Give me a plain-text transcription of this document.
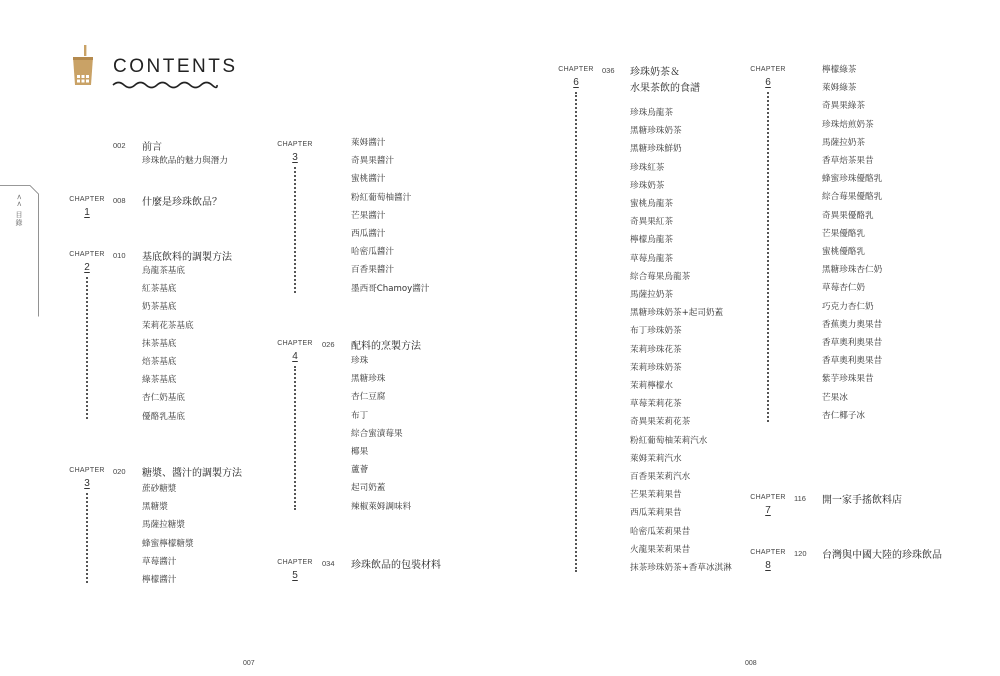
CONTENTS
<< 目錄
002	前言
珍珠飲品的魅力與潛力
CHAPTER
1
008	什麼是珍珠飲品？
CHAPTER
2
010	基底飲料的調製方法
烏龍茶基底
紅茶基底
奶茶基底
茉莉花茶基底
抹茶基底
焙茶基底
綠茶基底
杏仁奶基底
優酪乳基底
CHAPTER
3
020	糖漿、醬汁的調製方法
蔗砂糖漿
黑糖漿
馬薩拉糖漿
蜂蜜檸檬糖漿
草莓醬汁
檸檬醬汁
CHAPTER
3
萊姆醬汁
奇異果醬汁
蜜桃醬汁
粉紅葡萄柚醬汁
芒果醬汁
西瓜醬汁
哈密瓜醬汁
百香果醬汁
墨西哥Chamoy醬汁
CHAPTER
4
026	配料的烹製方法
珍珠
黑糖珍珠
杏仁豆腐
布丁
綜合蜜漬莓果
椰果
蘆薈
起司奶蓋
辣椒萊姆調味料
CHAPTER
5
034	珍珠飲品的包裝材料
007
CHAPTER
6
036	珍珠奶茶＆
水果茶飲的食譜
珍珠烏龍茶
黑糖珍珠奶茶
黑糖珍珠鮮奶
珍珠紅茶
珍珠奶茶
蜜桃烏龍茶
奇異果紅茶
檸檬烏龍茶
草莓烏龍茶
綜合莓果烏龍茶
馬薩拉奶茶
黑糖珍珠奶茶+起司奶蓋
布丁珍珠奶茶
茉莉珍珠花茶
茉莉珍珠奶茶
茉莉檸檬水
草莓茉莉花茶
奇異果茉莉花茶
粉紅葡萄柚茉莉汽水
萊姆茉莉汽水
百香果茉莉汽水
芒果茉莉果昔
西瓜茉莉果昔
哈密瓜茉莉果昔
火龍果茉莉果昔
抹茶珍珠奶茶+香草冰淇淋
CHAPTER
6
檸檬綠茶
萊姆綠茶
奇異果綠茶
珍珠焙煎奶茶
馬薩拉奶茶
香草焙茶果昔
蜂蜜珍珠優酪乳
綜合莓果優酪乳
奇異果優酪乳
芒果優酪乳
蜜桃優酪乳
黑糖珍珠杏仁奶
草莓杏仁奶
巧克力杏仁奶
香蕉奧力奧果昔
香草奧利奧果昔
香草奧利奧果昔
紫芋珍珠果昔
芒果冰
杏仁椰子冰
CHAPTER
7
116	開一家手搖飲料店
CHAPTER
8
120	台灣與中國大陸的珍珠飲品
008
